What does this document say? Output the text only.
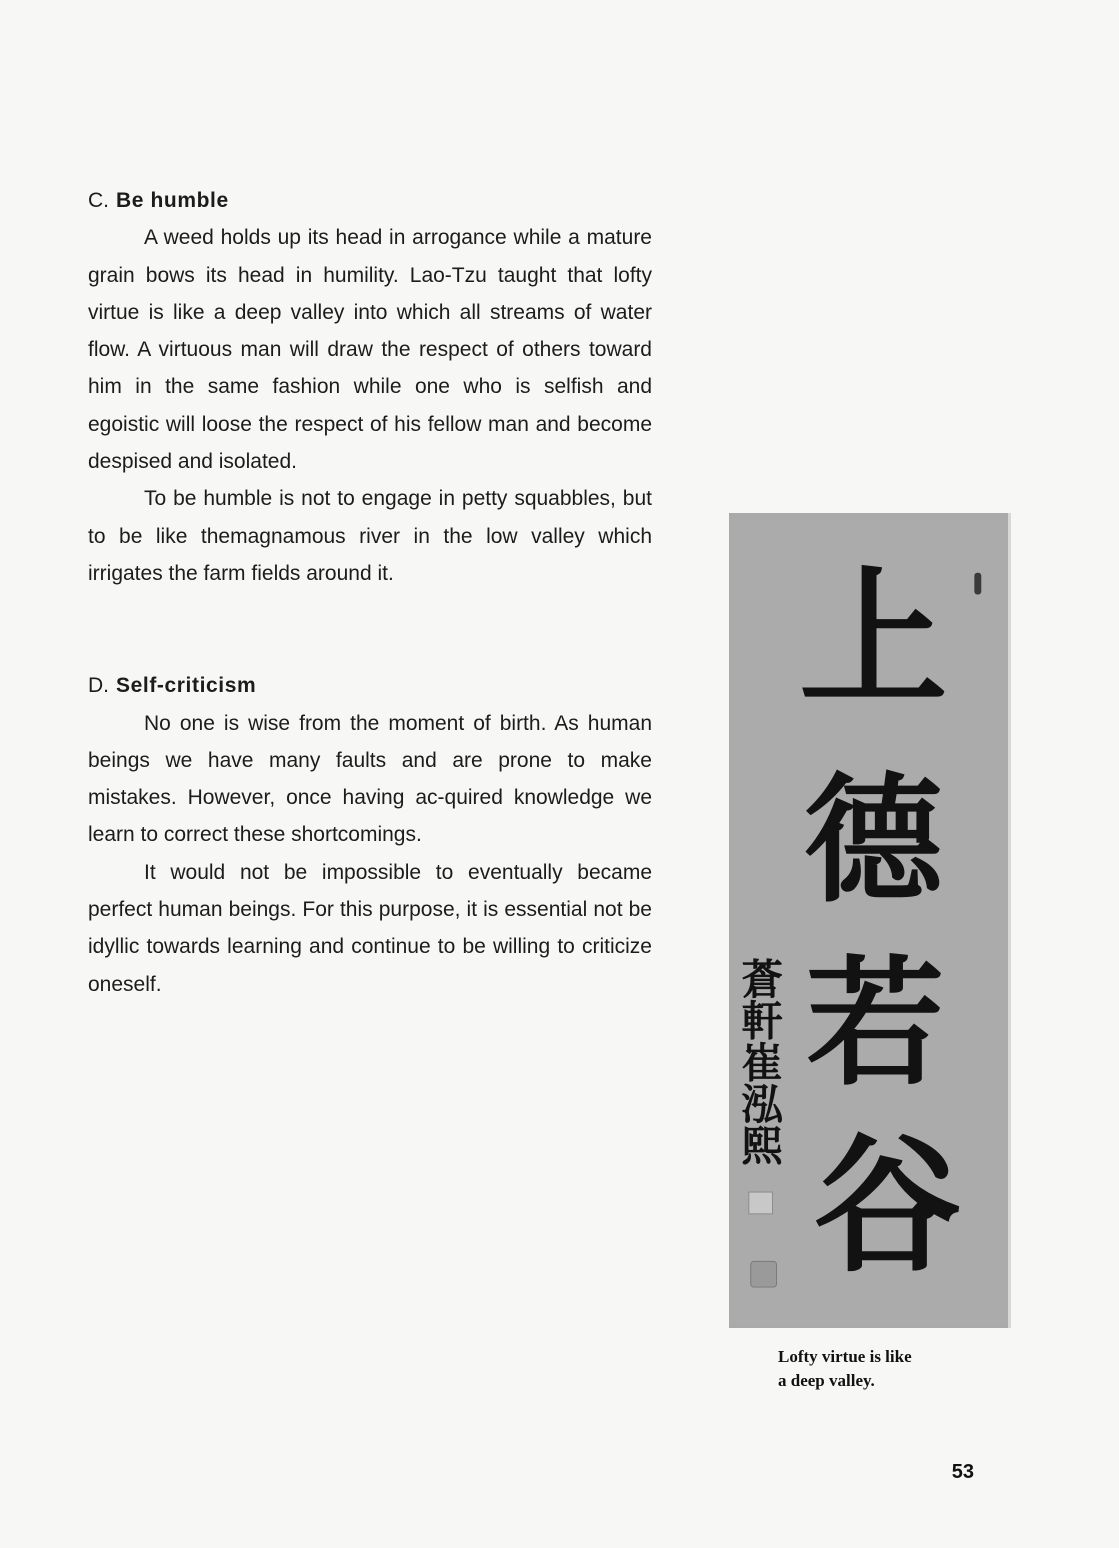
C. Be humble

A weed holds up its head in arrogance while a mature grain bows its head in humility. Lao-Tzu taught that lofty virtue is like a deep valley into which all streams of water flow. A virtuous man will draw the respect of others toward him in the same fashion while one who is selfish and egoistic will loose the respect of his fellow man and become despised and isolated.

To be humble is not to engage in petty squabbles, but to be like themagnamous river in the low valley which irrigates the farm fields around it.

D. Self-criticism

No one is wise from the moment of birth. As human beings we have many faults and are prone to make mistakes. However, once having ac-quired knowledge we learn to correct these shortcomings.

It would not be impossible to eventually became perfect human beings. For this purpose, it is essential not be idyllic towards learning and continue to be willing to criticize oneself.

上
德
若
谷
蒼軒崔泓熙
Lofty virtue is like
a deep valley.
53
